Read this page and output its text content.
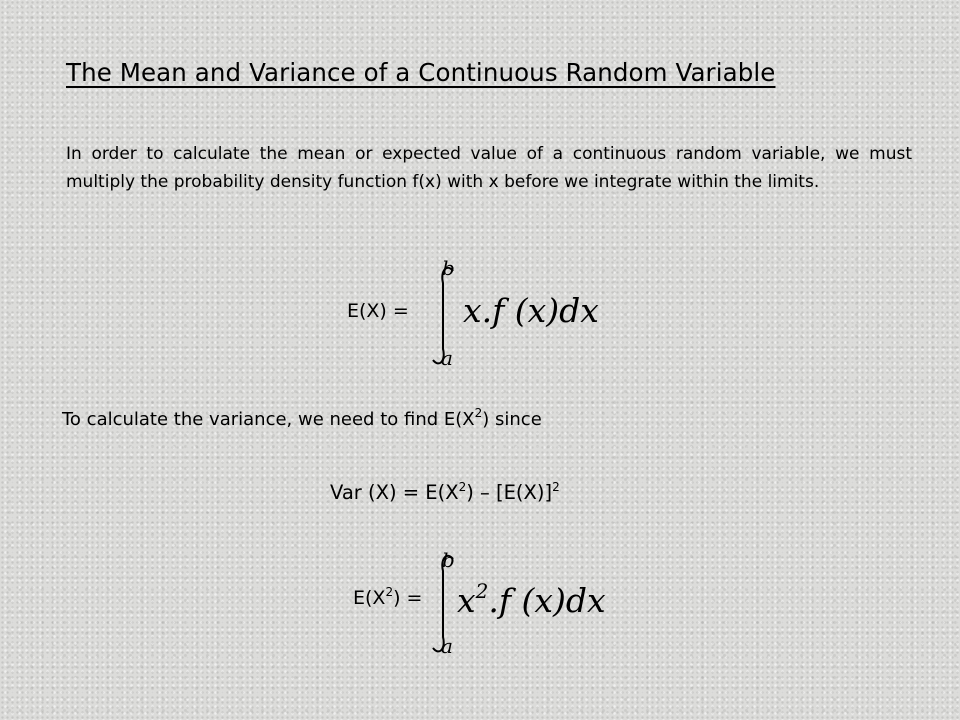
The Mean and Variance of a Continuous Random Variable
In order to calculate the mean or expected value of a continuous random variable, we must multiply the probability density function f(x) with x before we integrate within the limits.
E(X) =
b
a
x.f (x)dx
To calculate the variance, we need to find $E(X^2)$ since
Var $(X) = E(X^2) - [E(X)]^2$
$E(X^2)$ =
b
a
$x^2.f$ (x)dx
